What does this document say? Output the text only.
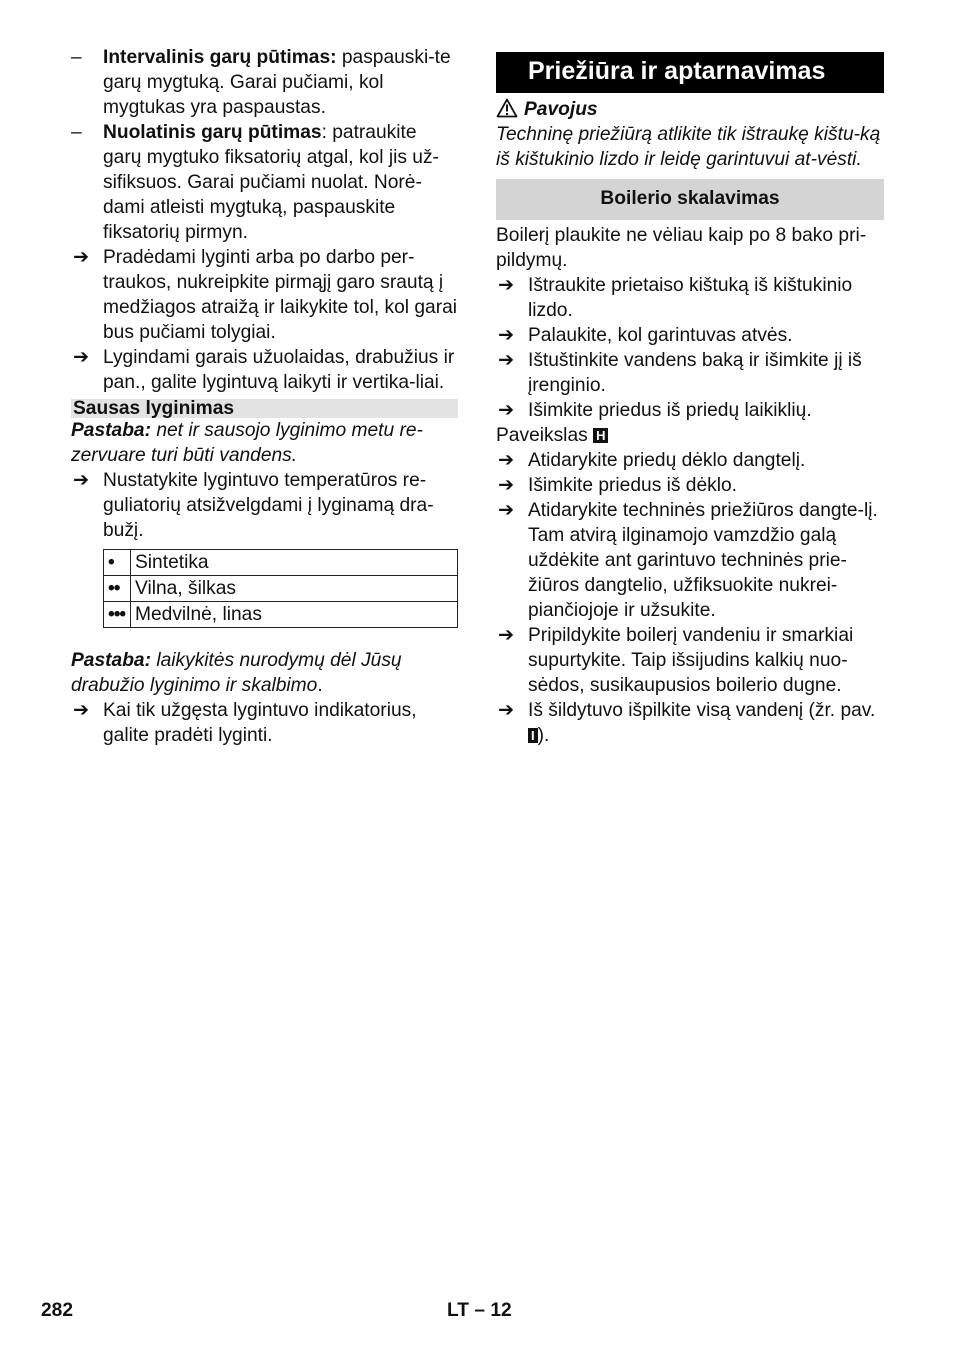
–	Intervalinis garų pūtimas: paspauski-te garų mygtuką. Garai pučiami, kol mygtukas yra paspaustas.
–	Nuolatinis garų pūtimas: patraukite garų mygtuko fiksatorių atgal, kol jis už-sifiksuos. Garai pučiami nuolat. Norė-dami atleisti mygtuką, paspauskite fiksatorių pirmyn.
➔ Pradėdami lyginti arba po darbo per-traukos, nukreipkite pirmąjį garo srautą į medžiagos atraižą ir laikykite tol, kol garai bus pučiami tolygiai.
➔ Lygindami garais užuolaidas, drabužius ir pan., galite lygintuvą laikyti ir vertika-liai.
Sausas lyginimas
Pastaba: net ir sausojo lyginimo metu re-zervuare turi būti vandens.
➔ Nustatykite lygintuvo temperatūros re-guliatorių atsižvelgdami į lyginamą dra-bužį.
•	Sintetika
••	Vilna, šilkas
•••	Medvilnė, linas
Pastaba: laikykitės nurodymų dėl Jūsų drabužio lyginimo ir skalbimo.
➔ Kai tik užgęsta lygintuvo indikatorius, galite pradėti lyginti.
Priežiūra ir aptarnavimas
Pavojus
Techninę priežiūrą atlikite tik ištraukę kištu-ką iš kištukinio lizdo ir leidę garintuvui at-vėsti.
Boilerio skalavimas
Boilerį plaukite ne vėliau kaip po 8 bako pri-pildymų.
➔ Ištraukite prietaiso kištuką iš kištukinio lizdo.
➔ Palaukite, kol garintuvas atvės.
➔ Ištuštinkite vandens baką ir išimkite jį iš įrenginio.
➔ Išimkite priedus iš priedų laikiklių.
Paveikslas H
➔ Atidarykite priedų dėklo dangtelį.
➔ Išimkite priedus iš dėklo.
➔ Atidarykite techninės priežiūros dangte-lį. Tam atvirą ilginamojo vamzdžio galą uždėkite ant garintuvo techninės prie-žiūros dangtelio, užfiksuokite nukrei-piančiojoje ir užsukite.
➔ Pripildykite boilerį vandeniu ir smarkiai supurtykite. Taip išsijudins kalkių nuo-sėdos, susikaupusios boilerio dugne.
➔ Iš šildytuvo išpilkite visą vandenį (žr. pav.I ).
282	LT – 12
